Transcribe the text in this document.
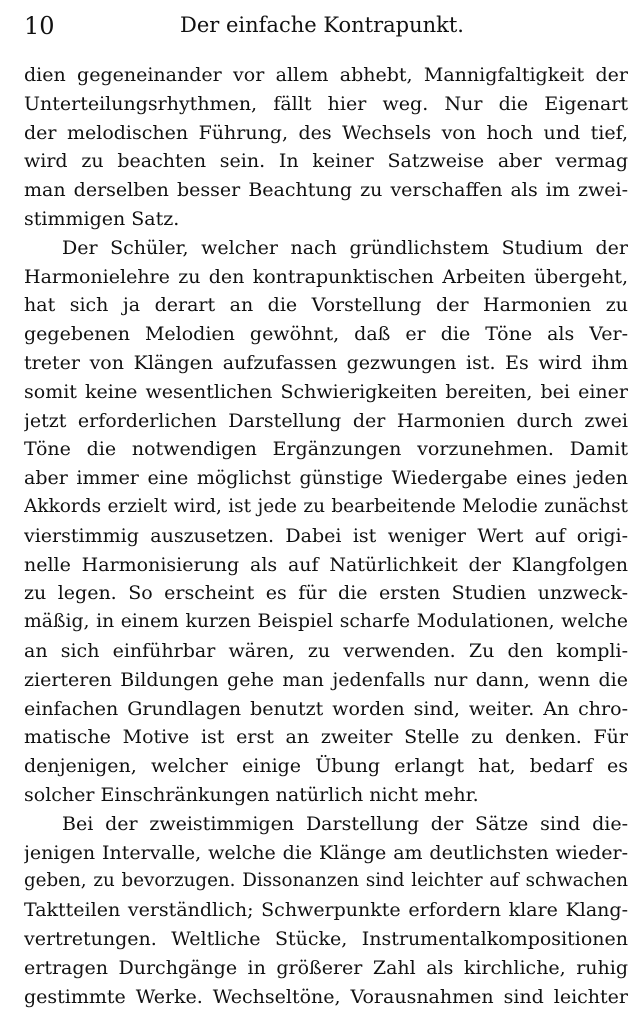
10	Der einfache Kontrapunkt.
dien gegeneinander vor allem abhebt, Mannigfaltigkeit der
Unterteilungsrhythmen, fällt hier weg. Nur die Eigenart
der melodischen Führung, des Wechsels von hoch und tief,
wird zu beachten sein. In keiner Satzweise aber vermag
man derselben besser Beachtung zu verschaffen als im zwei-
stimmigen Satz.
Der Schüler, welcher nach gründlichstem Studium der
Harmonielehre zu den kontrapunktischen Arbeiten übergeht,
hat sich ja derart an die Vorstellung der Harmonien zu
gegebenen Melodien gewöhnt, daß er die Töne als Ver-
treter von Klängen aufzufassen gezwungen ist. Es wird ihm
somit keine wesentlichen Schwierigkeiten bereiten, bei einer
jetzt erforderlichen Darstellung der Harmonien durch zwei
Töne die notwendigen Ergänzungen vorzunehmen. Damit
aber immer eine möglichst günstige Wiedergabe eines jeden
Akkords erzielt wird, ist jede zu bearbeitende Melodie zunächst
vierstimmig auszusetzen. Dabei ist weniger Wert auf origi-
nelle Harmonisierung als auf Natürlichkeit der Klangfolgen
zu legen. So erscheint es für die ersten Studien unzweck-
mäßig, in einem kurzen Beispiel scharfe Modulationen, welche
an sich einführbar wären, zu verwenden. Zu den kompli-
zierteren Bildungen gehe man jedenfalls nur dann, wenn die
einfachen Grundlagen benutzt worden sind, weiter. An chro-
matische Motive ist erst an zweiter Stelle zu denken. Für
denjenigen, welcher einige Übung erlangt hat, bedarf es
solcher Einschränkungen natürlich nicht mehr.
Bei der zweistimmigen Darstellung der Sätze sind die-
jenigen Intervalle, welche die Klänge am deutlichsten wieder-
geben, zu bevorzugen. Dissonanzen sind leichter auf schwachen
Taktteilen verständlich; Schwerpunkte erfordern klare Klang-
vertretungen. Weltliche Stücke, Instrumentalkompositionen
ertragen Durchgänge in größerer Zahl als kirchliche, ruhig
gestimmte Werke. Wechseltöne, Vorausnahmen sind leichter
